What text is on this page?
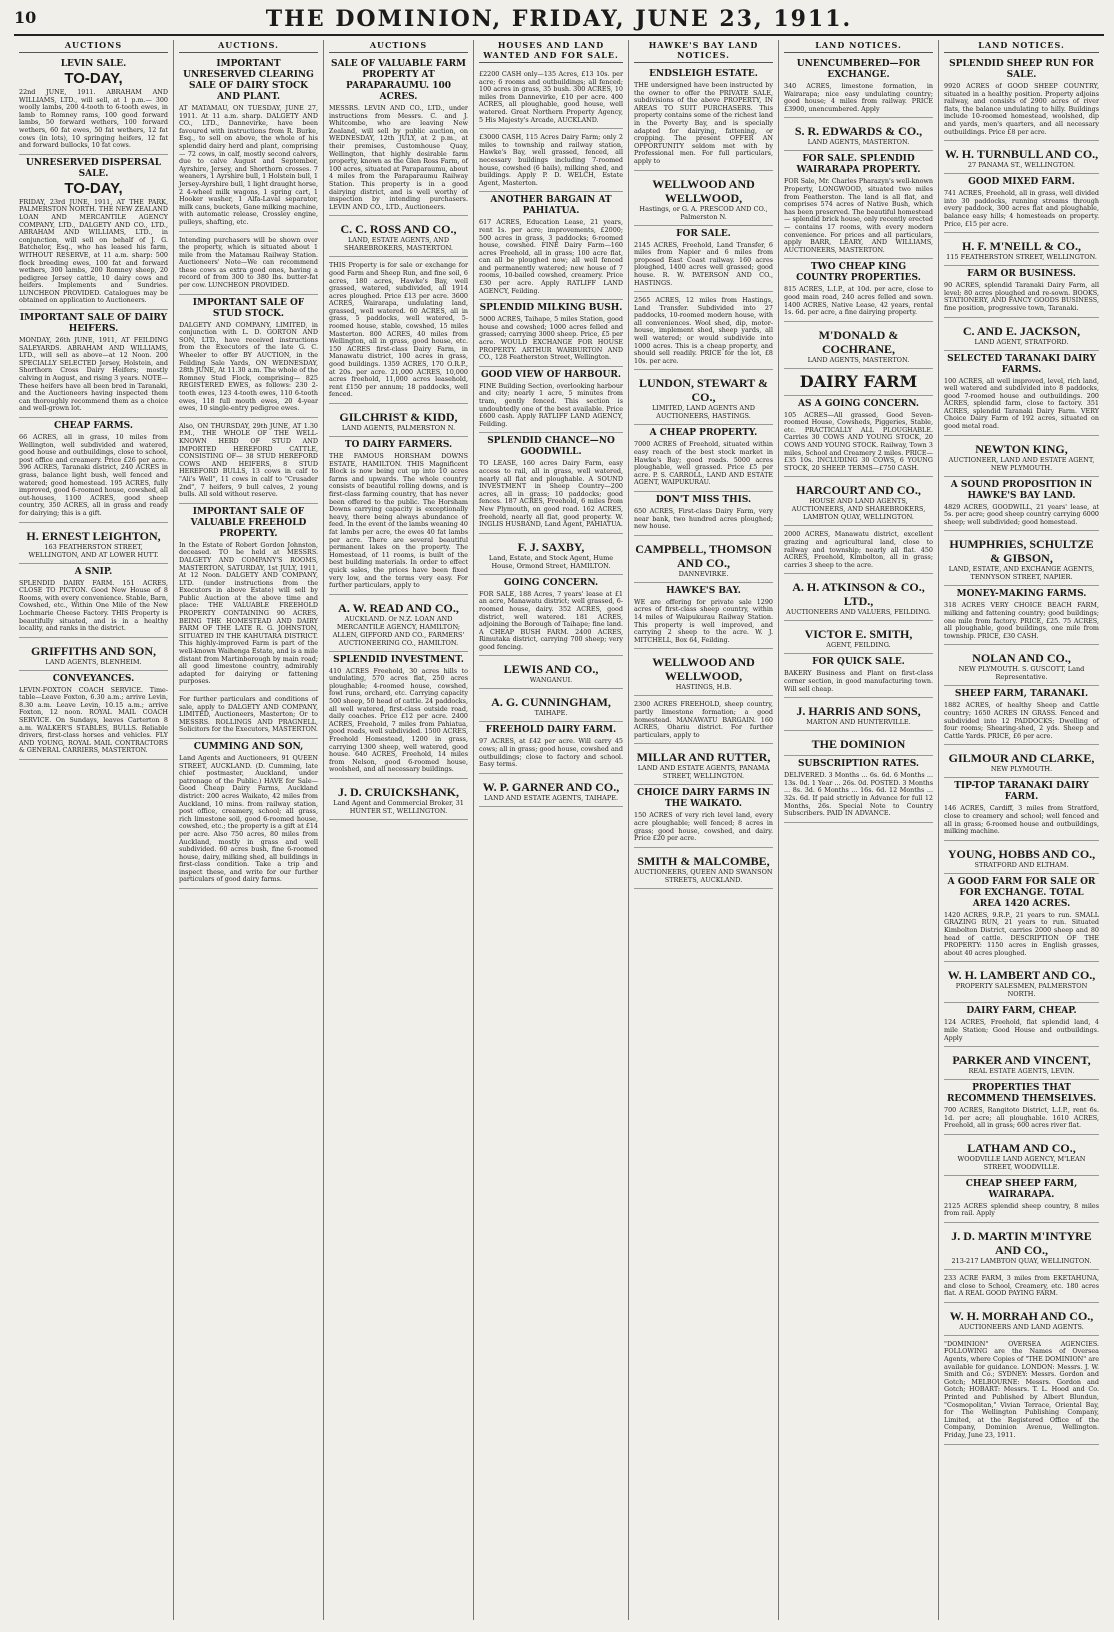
10	THE DOMINION, FRIDAY, JUNE 23, 1911.
AUCTIONS
LEVIN SALE.
TO-DAY,
22nd JUNE, 1911. ABRAHAM AND WILLIAMS, LTD., will sell, at 1 p.m.— 300 woolly lambs, 200 4-tooth to 6-tooth ewes, in lamb to Romney rams, 100 good forward lambs, 50 forward wethers, 100 forward wethers, 60 fat ewes, 50 fat wethers, 12 fat cows (in lots), 10 springing heifers, 12 fat and forward bullocks, 10 fat cows.
UNRESERVED DISPERSAL SALE.
TO-DAY,
FRIDAY, 23rd JUNE, 1911, AT THE PARK, PALMERSTON NORTH. THE NEW ZEALAND LOAN AND MERCANTILE AGENCY COMPANY, LTD., DALGETY AND CO., LTD., ABRAHAM AND WILLIAMS, LTD., in conjunction, will sell on behalf of J. G. Batchelor, Esq., who has leased his farm, WITHOUT RESERVE, at 11 a.m. sharp: 500 flock breeding ewes, 100 fat and forward wethers, 300 lambs, 200 Romney sheep, 20 pedigree Jersey cattle, 10 dairy cows and heifers. Implements and Sundries. LUNCHEON PROVIDED. Catalogues may be obtained on application to Auctioneers.
IMPORTANT SALE OF DAIRY HEIFERS.
MONDAY, 26th JUNE, 1911, AT FEILDING SALEYARDS. ABRAHAM AND WILLIAMS, LTD., will sell as above—at 12 Noon. 200 SPECIALLY SELECTED Jersey, Holstein, and Shorthorn Cross Dairy Heifers; mostly calving in August, and rising 3 years. NOTE—These heifers have all been bred in Taranaki, and the Auctioneers having inspected them can thoroughly recommend them as a choice and well-grown lot.
CHEAP FARMS.
66 ACRES, all in grass, 10 miles from Wellington, well subdivided and watered, good house and outbuildings, close to school, post office and creamery. Price £26 per acre. 396 ACRES, Taranaki district, 240 ACRES in grass, balance light bush, well fenced and watered; good homestead. 195 ACRES, fully improved, good 6-roomed house, cowshed, all out-houses, 1100 ACRES, good sheep country, 350 ACRES, all in grass and ready for dairying; this is a gift.
H. ERNEST LEIGHTON,
163 FEATHERSTON STREET, WELLINGTON, AND AT LOWER HUTT.
A SNIP.
SPLENDID DAIRY FARM. 151 ACRES, CLOSE TO PICTON. Good New House of 8 Rooms, with every convenience. Stable, Barn, Cowshed, etc., Within One Mile of the New Lochmarie Cheese Factory. THIS Property is beautifully situated, and is in a healthy locality, and ranks in the district.
GRIFFITHS AND SON,
LAND AGENTS, BLENHEIM.
CONVEYANCES.
LEVIN-FOXTON COACH SERVICE. Time-table—Leave Foxton, 6.30 a.m.; arrive Levin, 8.30 a.m. Leave Levin, 10.15 a.m.; arrive Foxton, 12 noon. ROYAL MAIL COACH SERVICE. On Sundays, leaves Carterton 8 a.m. WALKER'S STABLES, BULLS. Reliable drivers, first-class horses and vehicles. FLY AND YOUNG, ROYAL MAIL CONTRACTORS & GENERAL CARRIERS, MASTERTON.
AUCTIONS.
IMPORTANT UNRESERVED CLEARING SALE OF DAIRY STOCK AND PLANT.
AT MATAMAU, ON TUESDAY, JUNE 27, 1911. At 11 a.m. sharp. DALGETY AND CO., LTD., Dannevirke, have been favoured with instructions from R. Burke, Esq., to sell on above, the whole of his splendid dairy herd and plant, comprising— 72 cows, in calf, mostly second calvers, due to calve August and September, Ayrshire, Jersey, and Shorthorn crosses. 7 weaners, 1 Ayrshire bull, 1 Holstein bull, 1 Jersey-Ayrshire bull, 1 light draught horse, 2 4-wheel milk wagons, 1 spring cart, 1 Hooker washer, 1 Alfa-Laval separator, milk cans, buckets, Gane milking machine, with automatic release, Crossley engine, pulleys, shafting, etc.
Intending purchasers will be shown over the property, which is situated about 1 mile from the Matamau Railway Station. Auctioneers' Note—We can recommend these cows as extra good ones, having a record of from 300 to 380 lbs. butter-fat per cow. LUNCHEON PROVIDED.
IMPORTANT SALE OF STUD STOCK.
DALGETY AND COMPANY, LIMITED, in conjunction with L. D. GORTON AND SON, LTD., have received instructions from the Executors of the late G. C. Wheeler to offer BY AUCTION, in the Feilding Sale Yards, ON WEDNESDAY, 28th JUNE, At 11.30 a.m. The whole of the Romney Stud Flock, comprising— 825 REGISTERED EWES, as follows: 230 2-tooth ewes, 123 4-tooth ewes, 110 6-tooth ewes, 118 full mouth ewes, 20 4-year ewes, 10 single-entry pedigree ewes.
Also, ON THURSDAY, 29th JUNE, AT 1.30 P.M., THE WHOLE OF THE WELL-KNOWN HERD OF STUD AND IMPORTED HEREFORD CATTLE, CONSISTING OF— 38 STUD HEREFORD COWS AND HEIFERS, 8 STUD HEREFORD BULLS, 13 cows in calf to "Ali's Well", 11 cows in calf to "Crusader 2nd", 7 heifers, 9 bull calves, 2 young bulls. All sold without reserve.
IMPORTANT SALE OF VALUABLE FREEHOLD PROPERTY.
In the Estate of Robert Gordon Johnston, deceased. TO be held at MESSRS. DALGETY AND COMPANY'S ROOMS, MASTERTON, SATURDAY, 1st JULY, 1911, At 12 Noon. DALGETY AND COMPANY, LTD. (under instructions from the Executors in above Estate) will sell by Public Auction at the above time and place: THE VALUABLE FREEHOLD PROPERTY CONTAINING 90 ACRES, BEING THE HOMESTEAD AND DAIRY FARM OF THE LATE R. G. JOHNSTON, SITUATED IN THE KAHUTARA DISTRICT. This highly-improved Farm is part of the well-known Waihenga Estate, and is a mile distant from Martinborough by main road; all good limestone country, admirably adapted for dairying or fattening purposes.
For further particulars and conditions of sale, apply to DALGETY AND COMPANY, LIMITED, Auctioneers, Masterton; Or to MESSRS. ROLLINGS AND PRAGNELL, Solicitors for the Executors, MASTERTON.
CUMMING AND SON,
Land Agents and Auctioneers, 91 QUEEN STREET, AUCKLAND. (D. Cumming, late chief postmaster, Auckland, under patronage of the Public.) HAVE for Sale—Good Cheap Dairy Farms, Auckland district: 200 acres Waikato, 42 miles from Auckland, 10 mins. from railway station, post office, creamery, school; all grass, rich limestone soil, good 6-roomed house, cowshed, etc.; the property is a gift at £14 per acre. Also 750 acres, 80 miles from Auckland, mostly in grass and well subdivided. 60 acres bush, fine 6-roomed house, dairy, milking shed, all buildings in first-class condition. Take a trip and inspect these, and write for our further particulars of good dairy farms.
AUCTIONS
SALE OF VALUABLE FARM PROPERTY AT PARAPARAUMU. 100 ACRES.
MESSRS. LEVIN AND CO., LTD., under instructions from Messrs. C. and J. Whitcombe, who are leaving New Zealand, will sell by public auction, on WEDNESDAY, 12th JULY, at 2 p.m., at their premises, Customhouse Quay, Wellington, that highly desirable farm property, known as the Glen Ross Farm, of 100 acres, situated at Paraparaumu, about 4 miles from the Paraparaumu Railway Station. This property is in a good dairying district, and is well worthy of inspection by intending purchasers. LEVIN AND CO., LTD., Auctioneers.
C. C. ROSS AND CO.,
LAND, ESTATE AGENTS, AND SHAREBROKERS, MASTERTON.
THIS Property is for sale or exchange for good Farm and Sheep Run, and fine soil, 6 acres, 180 acres, Hawke's Bay, well grassed, watered, subdivided, all 1914 acres ploughed. Price £13 per acre. 3600 ACRES, Wairarapa, undulating land, grassed, well watered. 60 ACRES, all in grass, 5 paddocks, well watered, 5-roomed house, stable, cowshed, 15 miles Masterton. 800 ACRES, 40 miles from Wellington, all in grass, good house, etc. 150 ACRES first-class Dairy Farm, in Manawatu district, 100 acres in grass, good buildings. 1359 ACRES, 170 O.R.P., at 20s. per acre. 21,000 ACRES, 10,000 acres freehold, 11,000 acres leasehold, rent £150 per annum; 18 paddocks, well fenced.
GILCHRIST & KIDD,
LAND AGENTS, PALMERSTON N.
TO DAIRY FARMERS.
THE FAMOUS HORSHAM DOWNS ESTATE, HAMILTON. THIS Magnificent Block is now being cut up into 10 acres farms and upwards. The whole country consists of beautiful rolling downs, and is first-class farming country, that has never been offered to the public. The Horsham Downs carrying capacity is exceptionally heavy, there being always abundance of feed. In the event of the lambs weaning 40 fat lambs per acre, the ewes 40 fat lambs per acre. There are several beautiful permanent lakes on the property. The Homestead, of 11 rooms, is built of the best building materials. In order to effect quick sales, the prices have been fixed very low, and the terms very easy. For further particulars, apply to
A. W. READ AND CO.,
AUCKLAND. Or N.Z. LOAN AND MERCANTILE AGENCY, HAMILTON; ALLEN, GIFFORD AND CO., FARMERS' AUCTIONEERING CO., HAMILTON.
SPLENDID INVESTMENT.
410 ACRES Freehold, 30 acres hills to undulating, 570 acres flat, 250 acres ploughable; 4-roomed house, cowshed, fowl runs, orchard, etc. Carrying capacity 500 sheep, 50 head of cattle. 24 paddocks, all well watered, first-class outside road, daily coaches. Price £12 per acre. 2400 ACRES, Freehold, 7 miles from Pahiatua, good roads, well subdivided. 1500 ACRES, Freehold Homestead, 1200 in grass, carrying 1300 sheep, well watered, good house. 640 ACRES, Freehold, 14 miles from Nelson, good 6-roomed house, woolshed, and all necessary buildings.
J. D. CRUICKSHANK,
Land Agent and Commercial Broker, 31 HUNTER ST., WELLINGTON.
HOUSES AND LAND WANTED AND FOR SALE.
£2200 CASH only—135 Acres, £13 10s. per acre; 6 rooms and outbuildings; all fenced; 100 acres in grass, 35 bush. 300 ACRES, 10 miles from Dannevirke, £10 per acre. 400 ACRES, all ploughable, good house, well watered. Great Northern Property Agency, 5 His Majesty's Arcade, AUCKLAND.
£3000 CASH, 115 Acres Dairy Farm; only 2 miles to township and railway station, Hawke's Bay, well grassed, fenced, all necessary buildings including 7-roomed house, cowshed (6 bails), milking shed, and buildings. Apply P. D. WELCH, Estate Agent, Masterton.
ANOTHER BARGAIN AT PAHIATUA.
617 ACRES, Education Lease, 21 years, rent 1s. per acre; improvements, £2000; 500 acres in grass, 3 paddocks; 6-roomed house, cowshed. FINE Dairy Farm—160 acres Freehold, all in grass; 100 acre flat, can all be ploughed now; all well fenced and permanently watered; new house of 7 rooms, 10-bailed cowshed, creamery. Price £30 per acre. Apply RATLIFF LAND AGENCY, Feilding.
SPLENDID MILKING BUSH.
5000 ACRES, Taihape, 5 miles Station, good house and cowshed; 1000 acres felled and grassed; carrying 3000 sheep. Price, £5 per acre. WOULD EXCHANGE FOR HOUSE PROPERTY. ARTHUR WARBURTON AND CO., 128 Featherston Street, Wellington.
GOOD VIEW OF HARBOUR.
FINE Building Section, overlooking harbour and city; nearly 1 acre, 5 minutes from tram, gently fenced. This section is undoubtedly one of the best available. Price £600 cash. Apply RATLIFF LAND AGENCY, Feilding.
SPLENDID CHANCE—NO GOODWILL.
TO LEASE, 160 acres Dairy Farm, easy access to rail, all in grass, well watered, nearly all flat and ploughable. A SOUND INVESTMENT in Sheep Country—200 acres, all in grass; 10 paddocks; good fences. 187 ACRES, Freehold, 6 miles from New Plymouth, on good road. 162 ACRES, freehold, nearly all flat, good property. W. INGLIS HUSBAND, Land Agent, PAHIATUA.
F. J. SAXBY,
Land, Estate, and Stock Agent, Hume House, Ormond Street, HAMILTON.
GOING CONCERN.
FOR SALE, 188 Acres, 7 years' lease at £1 an acre, Manawatu district; well grassed, 6-roomed house, dairy. 352 ACRES, good district, well watered. 181 ACRES, adjoining the Borough of Taihape; fine land. A CHEAP BUSH FARM. 2400 ACRES, Rimutaka district, carrying 700 sheep; very good fencing.
LEWIS AND CO.,
WANGANUI.
A. G. CUNNINGHAM,
TAIHAPE.
FREEHOLD DAIRY FARM.
97 ACRES, at £42 per acre. Will carry 45 cows; all in grass; good house, cowshed and outbuildings; close to factory and school. Easy terms.
W. P. GARNER AND CO.,
LAND AND ESTATE AGENTS, TAIHAPE.
HAWKE'S BAY LAND NOTICES.
ENDSLEIGH ESTATE.
THE undersigned have been instructed by the owner to offer the PRIVATE SALE, subdivisions of the above PROPERTY, IN AREAS TO SUIT PURCHASERS. This property contains some of the richest land in the Poverty Bay, and is specially adapted for dairying, fattening, or cropping. The present OFFER AN OPPORTUNITY seldom met with by Professional men. For full particulars, apply to
WELLWOOD AND WELLWOOD,
Hastings, or G. A. PRESCOD AND CO., Palmerston N.
FOR SALE.
2145 ACRES, Freehold, Land Transfer, 6 miles from Napier and 6 miles from proposed East Coast railway. 160 acres ploughed, 1400 acres well grassed; good house. R. W. PATERSON AND CO., HASTINGS.
2565 ACRES, 12 miles from Hastings, Land Transfer. Subdivided into 27 paddocks, 10-roomed modern house, with all conveniences. Wool shed, dip, motor-house, implement shed, sheep yards, all well watered; or would subdivide into 1000 acres. This is a cheap property, and should sell readily. PRICE for the lot, £8 10s. per acre.
LUNDON, STEWART & CO.,
LIMITED, LAND AGENTS AND AUCTIONEERS, HASTINGS.
A CHEAP PROPERTY.
7000 ACRES of Freehold, situated within easy reach of the best stock market in Hawke's Bay; good roads. 5000 acres ploughable, well grassed. Price £5 per acre. P. S. CARROLL, LAND AND ESTATE AGENT, WAIPUKURAU.
DON'T MISS THIS.
650 ACRES, First-class Dairy Farm, very near bank, two hundred acres ploughed; new house.
CAMPBELL, THOMSON AND CO.,
DANNEVIRKE.
HAWKE'S BAY.
WE are offering for private sale 1290 acres of first-class sheep country, within 14 miles of Waipukurau Railway Station. This property is well improved, and carrying 2 sheep to the acre. W. J. MITCHELL, Box 64, Feilding.
WELLWOOD AND WELLWOOD,
HASTINGS, H.B.
2300 ACRES FREEHOLD, sheep country, partly limestone formation; a good homestead. MANAWATU BARGAIN. 160 ACRES, Ohariu district. For further particulars, apply to
MILLAR AND RUTTER,
LAND AND ESTATE AGENTS, PANAMA STREET, WELLINGTON.
CHOICE DAIRY FARMS IN THE WAIKATO.
150 ACRES of very rich level land, every acre ploughable; well fenced; 8 acres in grass; good house, cowshed, and dairy. Price £20 per acre.
SMITH & MALCOMBE,
AUCTIONEERS, QUEEN AND SWANSON STREETS, AUCKLAND.
LAND NOTICES.
UNENCUMBERED—FOR EXCHANGE.
340 ACRES, limestone formation, in Wairarapa; nice easy undulating country; good house; 4 miles from railway. PRICE £3900, unencumbered. Apply
S. R. EDWARDS & CO.,
LAND AGENTS, MASTERTON.
FOR SALE. SPLENDID WAIRARAPA PROPERTY.
FOR Sale, Mr. Charles Pharazyn's well-known Property, LONGWOOD, situated two miles from Featherston. The land is all flat, and comprises 574 acres of Native Bush, which has been preserved. The beautiful homestead — splendid brick house, only recently erected — contains 17 rooms, with every modern convenience. For prices and all particulars, apply BARR, LEARY, AND WILLIAMS, AUCTIONEERS, MASTERTON.
TWO CHEAP KING COUNTRY PROPERTIES.
815 ACRES, L.I.P., at 10d. per acre, close to good main road, 240 acres felled and sown. 1400 ACRES, Native Lease, 42 years, rental 1s. 6d. per acre, a fine dairying property.
M'DONALD & COCHRANE,
LAND AGENTS, MASTERTON.
DAIRY FARM
AS A GOING CONCERN.
105 ACRES—All grassed, Good Seven-roomed House, Cowsheds, Piggeries, Stable, etc. PRACTICALLY ALL PLOUGHABLE. Carries 30 COWS AND YOUNG STOCK, 20 COWS AND YOUNG STOCK. Railway, Town 3 miles, School and Creamery 2 miles. PRICE—£35 10s. INCLUDING 30 COWS, 6 YOUNG STOCK, 20 SHEEP. TERMS—£750 CASH.
HARCOURT AND CO.,
HOUSE AND LAND AGENTS, AUCTIONEERS, AND SHAREBROKERS, LAMBTON QUAY, WELLINGTON.
2000 ACRES, Manawatu district, excellent grazing and agricultural land, close to railway and township; nearly all flat. 450 ACRES, Freehold, Kimbolton, all in grass; carries 3 sheep to the acre.
A. H. ATKINSON & CO., LTD.,
AUCTIONEERS AND VALUERS, FEILDING.
VICTOR E. SMITH,
AGENT, FEILDING.
FOR QUICK SALE.
BAKERY Business and Plant on first-class corner section, in good manufacturing town. Will sell cheap.
J. HARRIS AND SONS,
MARTON AND HUNTERVILLE.
THE DOMINION
SUBSCRIPTION RATES.
DELIVERED. 3 Months ... 6s. 6d. 6 Months ... 13s. 0d. 1 Year ... 26s. 0d. POSTED. 3 Months ... 8s. 3d. 6 Months ... 16s. 6d. 12 Months ... 32s. 6d. If paid strictly in Advance for full 12 Months, 26s. Special Note to Country Subscribers. PAID IN ADVANCE.
LAND NOTICES.
SPLENDID SHEEP RUN FOR SALE.
9920 ACRES of GOOD SHEEP COUNTRY, situated in a healthy position. Property adjoins railway, and consists of 2900 acres of river flats, the balance undulating to hilly. Buildings include 10-roomed homestead, woolshed, dip and yards, men's quarters, and all necessary outbuildings. Price £8 per acre.
W. H. TURNBULL AND CO.,
27 PANAMA ST., WELLINGTON.
GOOD MIXED FARM.
741 ACRES, Freehold, all in grass, well divided into 30 paddocks, running streams through every paddock, 300 acres flat and ploughable, balance easy hills; 4 homesteads on property. Price, £15 per acre.
H. F. M'NEILL & CO.,
115 FEATHERSTON STREET, WELLINGTON.
FARM OR BUSINESS.
90 ACRES, splendid Taranaki Dairy Farm, all level; 80 acres ploughed and re-sown. BOOKS, STATIONERY, AND FANCY GOODS BUSINESS, fine position, progressive town, Taranaki.
C. AND E. JACKSON,
LAND AGENT, STRATFORD.
SELECTED TARANAKI DAIRY FARMS.
100 ACRES, all well improved, level, rich land, well watered and subdivided into 8 paddocks, good 7-roomed house and outbuildings. 200 ACRES, splendid farm, close to factory. 351 ACRES, splendid Taranaki Dairy Farm. VERY Choice Dairy Farm of 192 acres, situated on good metal road.
NEWTON KING,
AUCTIONEER, LAND AND ESTATE AGENT, NEW PLYMOUTH.
A SOUND PROPOSITION IN HAWKE'S BAY LAND.
4829 ACRES, GOODWILL, 21 years' lease, at 5s. per acre; good sheep country carrying 6000 sheep; well subdivided; good homestead.
HUMPHRIES, SCHULTZE & GIBSON,
LAND, ESTATE, AND EXCHANGE AGENTS, TENNYSON STREET, NAPIER.
MONEY-MAKING FARMS.
318 ACRES VERY CHOICE BEACH FARM, milking and fattening country; good buildings; one mile from factory. PRICE, £25. 75 ACRES, all ploughable, good buildings, one mile from township. PRICE, £30 CASH.
NOLAN AND CO.,
NEW PLYMOUTH. S. GUSCOTT, Land Representative.
SHEEP FARM, TARANAKI.
1882 ACRES, of healthy Sheep and Cattle country; 1650 ACRES IN GRASS. Fenced and subdivided into 12 PADDOCKS; Dwelling of four rooms; Shearing-shed, 2 yds. Sheep and Cattle Yards. PRICE, £6 per acre.
GILMOUR AND CLARKE,
NEW PLYMOUTH.
TIP-TOP TARANAKI DAIRY FARM.
146 ACRES, Cardiff, 3 miles from Stratford, close to creamery and school; well fenced and all in grass; 6-roomed house and outbuildings, milking machine.
YOUNG, HOBBS AND CO.,
STRATFORD AND ELTHAM.
A GOOD FARM FOR SALE OR FOR EXCHANGE. TOTAL AREA 1420 ACRES.
1420 ACRES, 9.R.P., 21 years to run. SMALL GRAZING RUN, 21 years to run. Situated Kimbolton District, carries 2000 sheep and 80 head of cattle. DESCRIPTION OF THE PROPERTY: 1150 acres in English grasses, about 40 acres ploughed.
W. H. LAMBERT AND CO.,
PROPERTY SALESMEN, PALMERSTON NORTH.
DAIRY FARM, CHEAP.
124 ACRES, Freehold, flat splendid land, 4 mile Station; Good House and outbuildings. Apply
PARKER AND VINCENT,
REAL ESTATE AGENTS, LEVIN.
PROPERTIES THAT RECOMMEND THEMSELVES.
700 ACRES, Rangitoto District, L.I.P., rent 6s. 1d. per acre; all ploughable. 1610 ACRES, Freehold, all in grass; 600 acres river flat.
LATHAM AND CO.,
WOODVILLE LAND AGENCY, M'LEAN STREET, WOODVILLE.
CHEAP SHEEP FARM, WAIRARAPA.
2125 ACRES splendid sheep country, 8 miles from rail. Apply
J. D. MARTIN M'INTYRE AND CO.,
213-217 LAMBTON QUAY, WELLINGTON.
233 ACRE FARM, 3 miles from EKETAHUNA, and close to School, Creamery, etc. 180 acres flat. A REAL GOOD PAYING FARM.
W. H. MORRAH AND CO.,
AUCTIONEERS AND LAND AGENTS.
"DOMINION" OVERSEA AGENCIES. FOLLOWING are the Names of Oversea Agents, where Copies of "THE DOMINION" are available for guidance. LONDON: Messrs. J. W. Smith and Co.; SYDNEY: Messrs. Gordon and Gotch; MELBOURNE: Messrs. Gordon and Gotch; HOBART: Messrs. T. L. Hood and Co. Printed and Published by Albert Blundun, "Cosmopolitan," Vivian Terrace, Oriental Bay, for The Wellington Publishing Company, Limited, at the Registered Office of the Company, Dominion Avenue, Wellington. Friday, June 23, 1911.
